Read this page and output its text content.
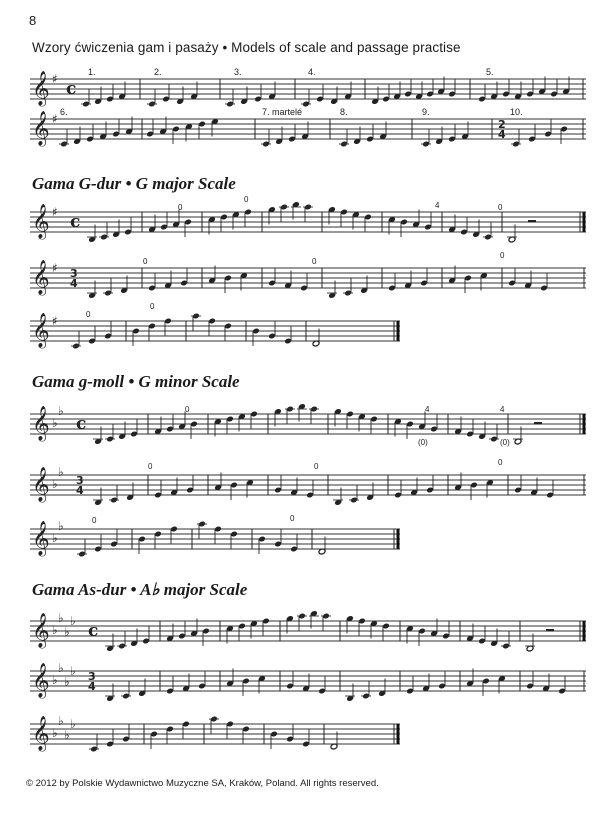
8
Wzory ćwiczenia gam i pasaży • Models of scale and passage practise
𝄞 ♯ c
1.	2.	3.	4.	5.
𝄞 ♯ 6.	7. martelé	8.	9.
2
4
10.
Gama G-dur • G major Scale
𝄞 ♯ c
0
0
4	0
𝄞 ♯ 3
4
0	0
0
𝄞 ♯	0
0
Gama g-moll • G minor Scale
𝄞 ♭
♭
c
0	4	4
(0)	(0)
𝄞 ♭
♭
3
4
0	0	0
𝄞 ♭
♭	0	0
Gama As-dur • A♭ major Scale
𝄞 ♭
♭
♭
♭ c
𝄞 ♭
♭
♭
♭ 3
4
𝄞 ♭
♭
♭
♭
© 2012 by Polskie Wydawnictwo Muzyczne SA, Kraków, Poland. All rights reserved.
